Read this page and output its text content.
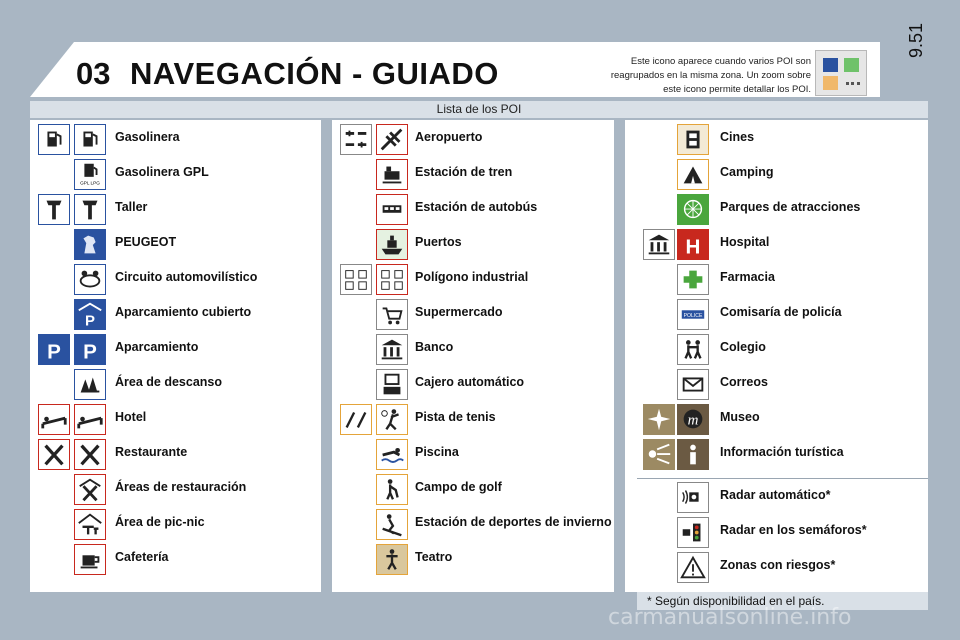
03 NAVEGACIÓN - GUIADO	Este icono aparece cuando varios POI son
reagrupados en la misma zona. Un zoom sobre
este icono permite detallar los POI.
9.51
Lista de los POI
Gasolinera
GPL LPG
Gasolinera GPL
Taller
PEUGEOT
Circuito automovilístico
P
Aparcamiento cubierto
P P Aparcamiento
Área de descanso
Hotel
Restaurante
Áreas de restauración
Área de pic-nic
Cafetería
Aeropuerto
Estación de tren
Estación de autobús
Puertos
Polígono industrial
Supermercado
Banco
Cajero automático
Pista de tenis
Piscina
Campo de golf
Estación de deportes de invierno
Teatro
Cines
Camping
Parques de atracciones
H Hospital
Farmacia
POLICE Comisaría de policía
Colegio
Correos
m Museo
Información turística
Radar automático*
Radar en los semáforos*
Zonas con riesgos*
* Según disponibilidad en el país.
carmanualsonline.info
